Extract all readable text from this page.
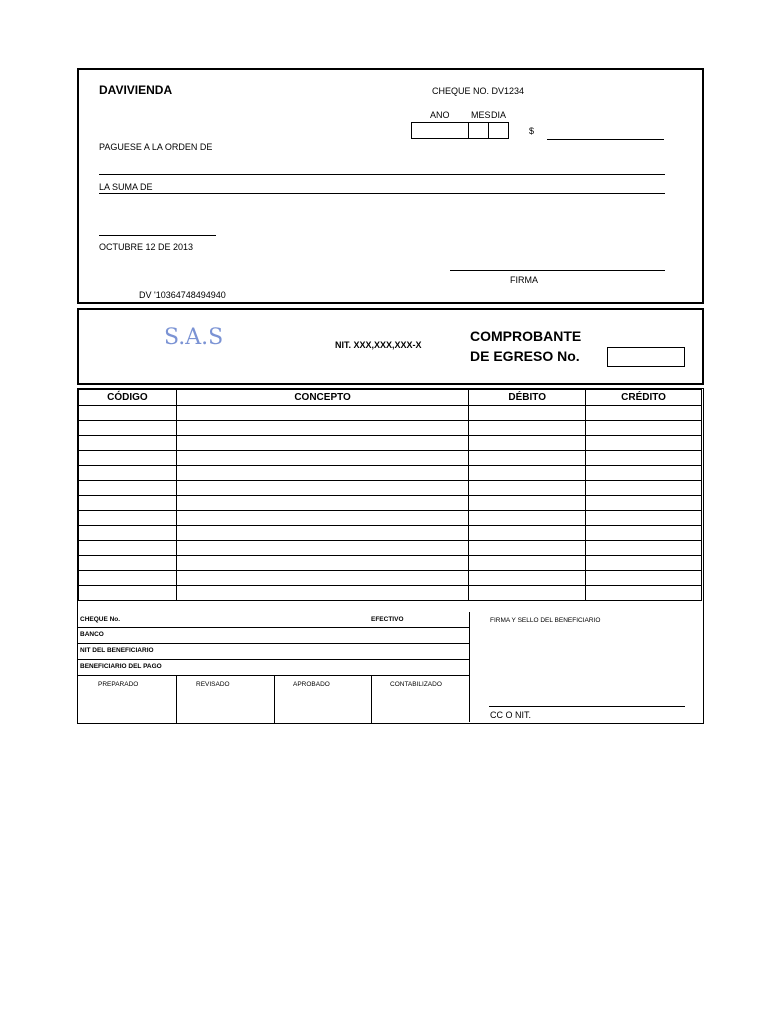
DAVIVIENDA	CHEQUE NO. DV1234
ANO MES DIA
$
PAGUESE A LA ORDEN DE
LA SUMA DE
OCTUBRE 12 DE 2013
FIRMA
DV '10364748494940
S.A.S	NIT. XXX,XXX,XXX-X
COMPROBANTE
DE EGRESO No.
CÓDIGO	CONCEPTO	DÉBITO	CRÉDITO

CHEQUE No.	EFECTIVO
BANCO
NIT DEL BENEFICIARIO
BENEFICIARIO DEL PAGO
PREPARADO	REVISADO	APROBADO	CONTABILIZADO
FIRMA Y SELLO DEL BENEFICIARIO
CC O NIT.
